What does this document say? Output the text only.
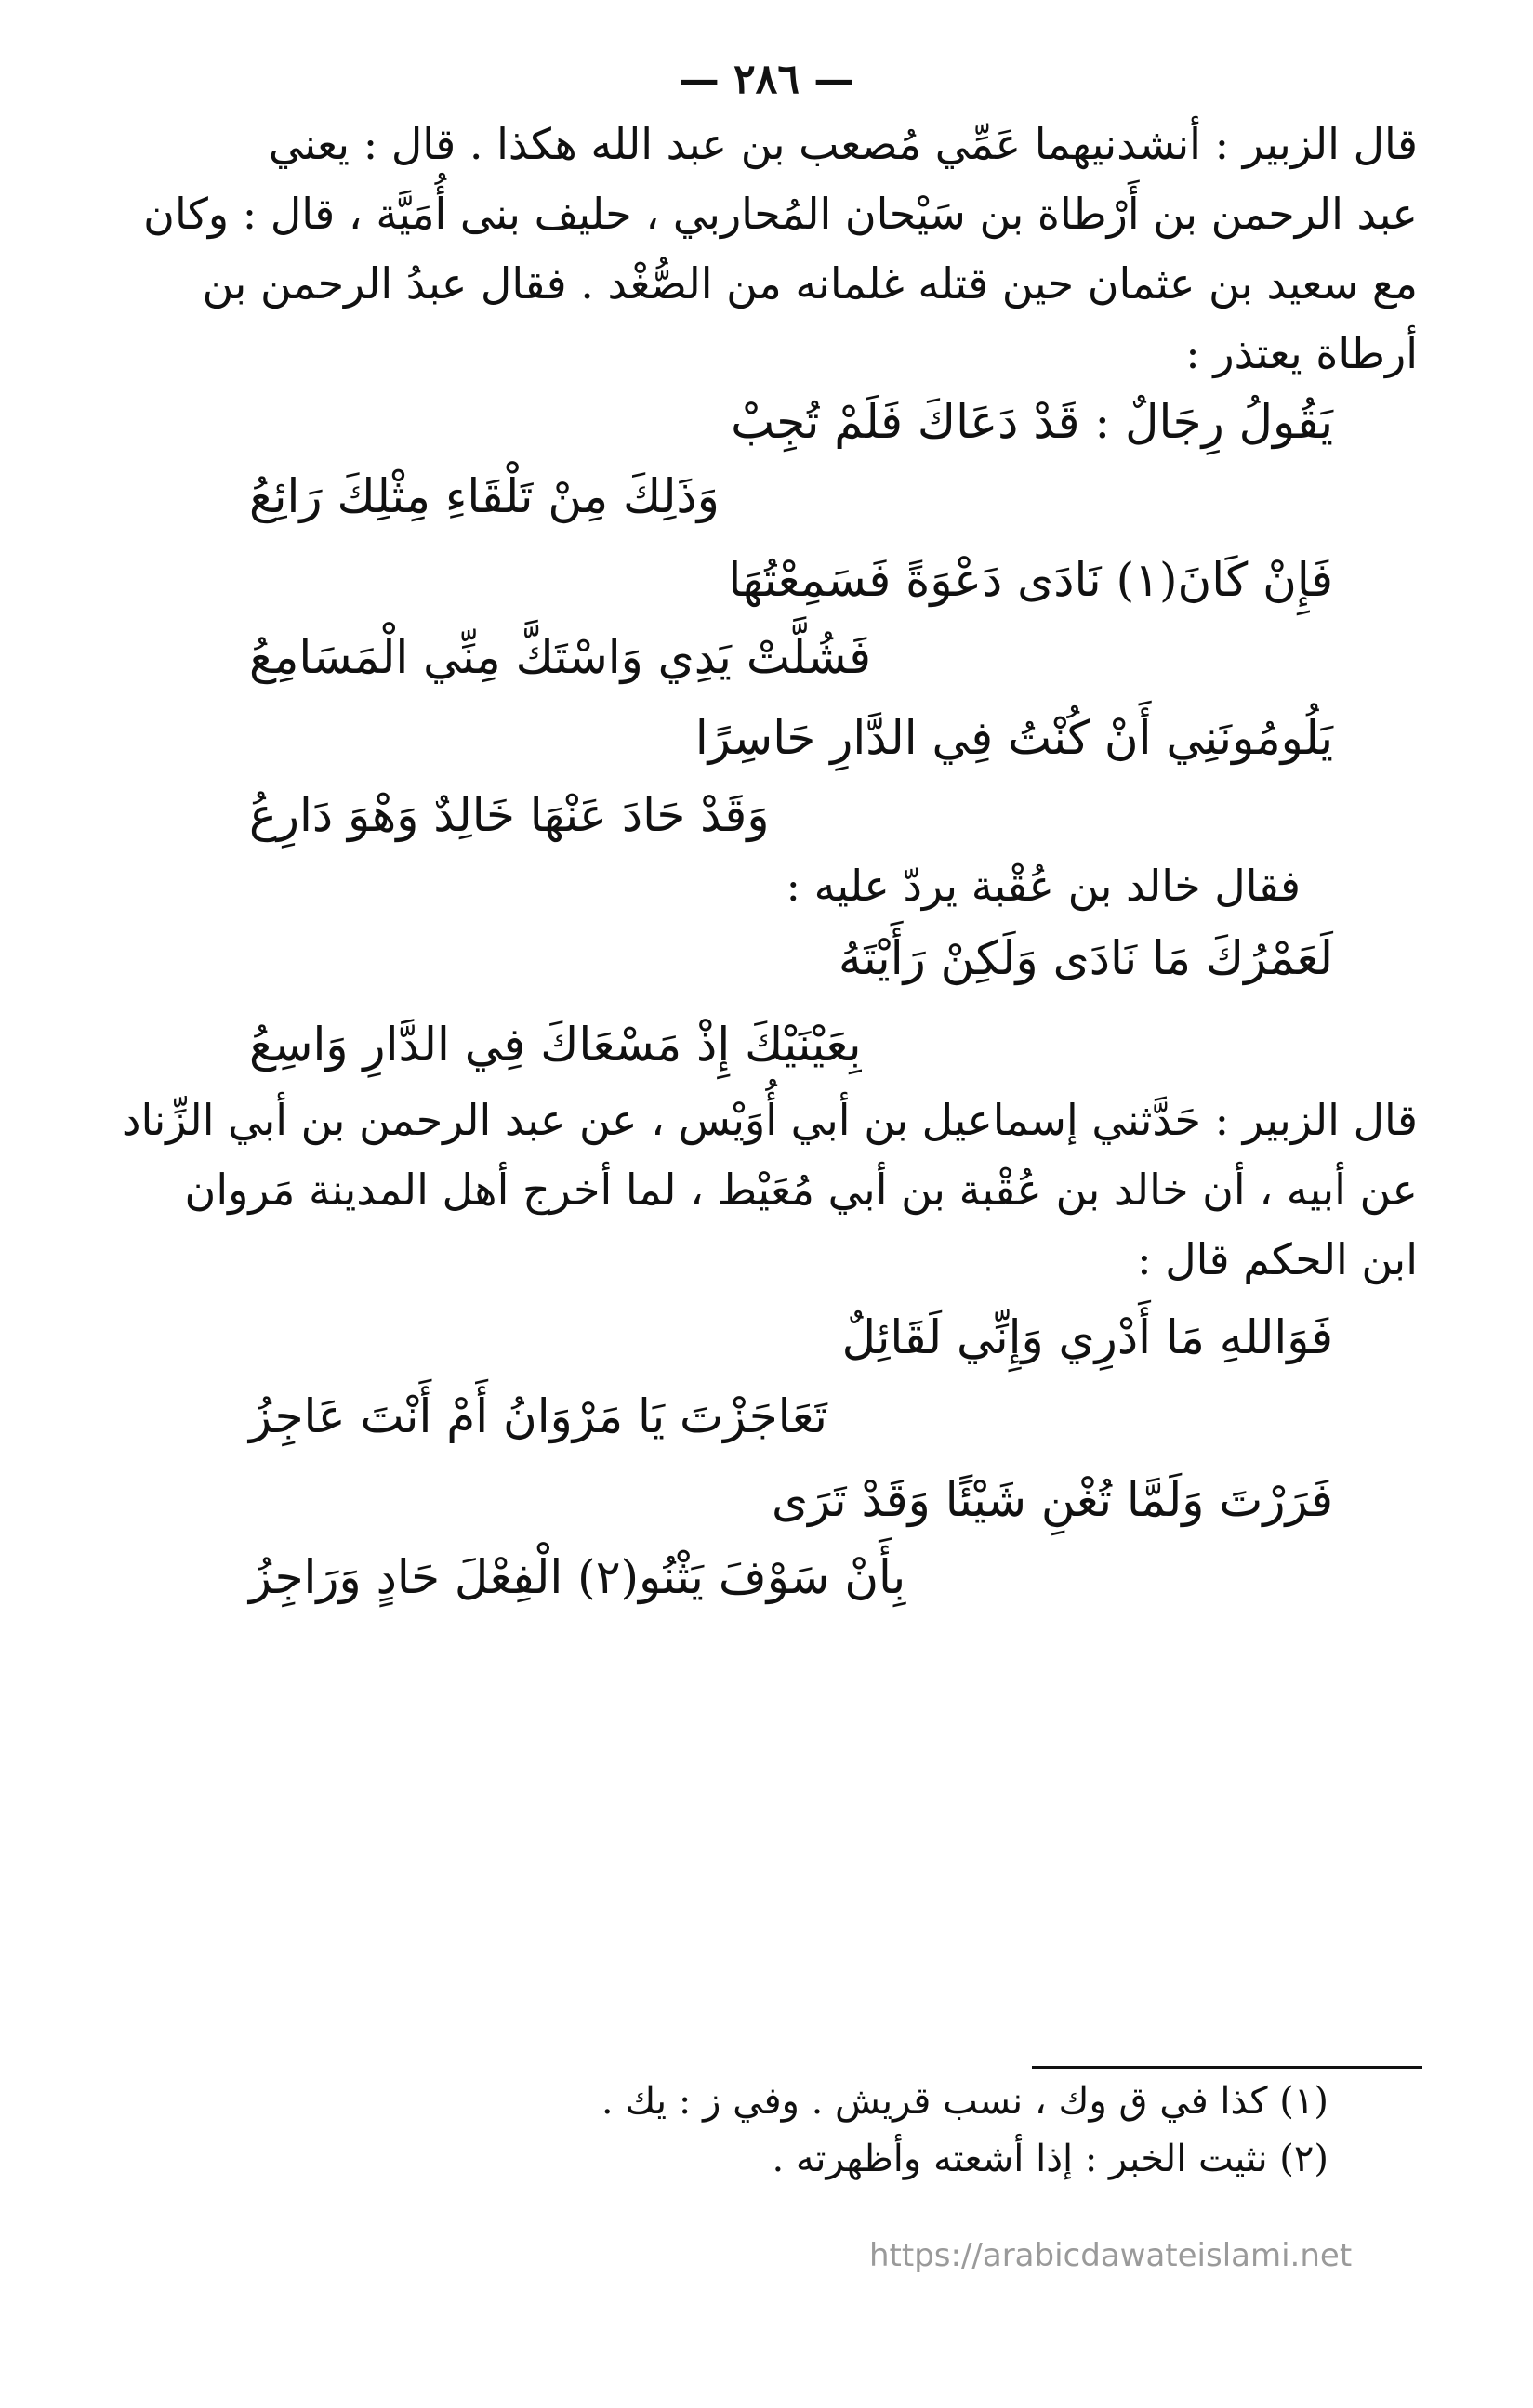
— ٢٨٦ —
قال الزبير : أنشدنيهما عَمِّي مُصعب بن عبد الله هكذا . قال : يعني
عبد الرحمن بن أَرْطاة بن سَيْحان المُحاربي ، حليف بنى أُمَيَّة ، قال : وكان
مع سعيد بن عثمان حين قتله غلمانه من الصُّغْد . فقال عبدُ الرحمن بن
أرطاة يعتذر :
يَقُولُ رِجَالٌ : قَدْ دَعَاكَ فَلَمْ تُجِبْ
وَذَلِكَ مِنْ تَلْقَاءِ مِثْلِكَ رَائِعُ
فَإِنْ كَانَ(١) نَادَى دَعْوَةً فَسَمِعْتُهَا
فَشُلَّتْ يَدِي وَاسْتَكَّ مِنِّي الْمَسَامِعُ
يَلُومُونَنِي أَنْ كُنْتُ فِي الدَّارِ حَاسِرًا
وَقَدْ حَادَ عَنْهَا خَالِدٌ وَهْوَ دَارِعُ
فقال خالد بن عُقْبة يردّ عليه :
لَعَمْرُكَ مَا نَادَى وَلَكِنْ رَأَيْتَهُ
بِعَيْنَيْكَ إِذْ مَسْعَاكَ فِي الدَّارِ وَاسِعُ
قال الزبير : حَدَّثني إسماعيل بن أبي أُوَيْس ، عن عبد الرحمن بن أبي الزِّناد
عن أبيه ، أن خالد بن عُقْبة بن أبي مُعَيْط ، لما أخرج أهل المدينة مَروان
ابن الحكم قال :
فَوَاللهِ مَا أَدْرِي وَإِنِّي لَقَائِلٌ
تَعَاجَزْتَ يَا مَرْوَانُ أَمْ أَنْتَ عَاجِزُ
فَرَرْتَ وَلَمَّا تُغْنِ شَيْئًا وَقَدْ تَرَى
بِأَنْ سَوْفَ يَثْنُو(٢) الْفِعْلَ حَادٍ وَرَاجِزُ
(١) كذا في ق وك ، نسب قريش . وفي ز : يك .
(٢) نثيت الخبر : إذا أشعته وأظهرته .
https://arabicdawateislami.net
